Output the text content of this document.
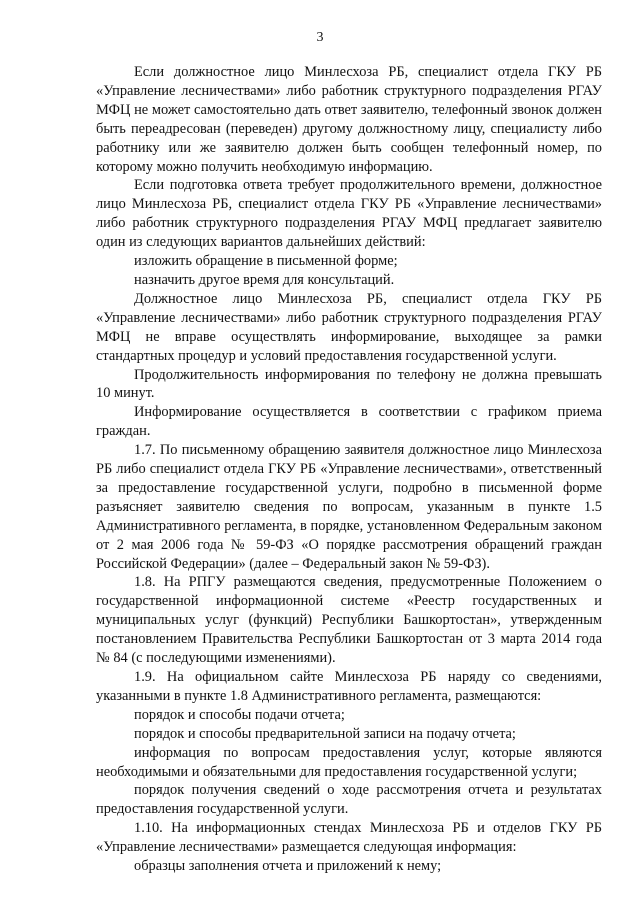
3

Если должностное лицо Минлесхоза РБ, специалист отдела ГКУ РБ «Управление лесничествами» либо работник структурного подразделения РГАУ МФЦ не может самостоятельно дать ответ заявителю, телефонный звонок должен быть переадресован (переведен) другому должностному лицу, специалисту либо работнику или же заявителю должен быть сообщен телефонный номер, по которому можно получить необходимую информацию.

Если подготовка ответа требует продолжительного времени, должностное лицо Минлесхоза РБ, специалист отдела ГКУ РБ «Управление лесничествами» либо работник структурного подразделения РГАУ МФЦ предлагает заявителю один из следующих вариантов дальнейших действий:

изложить обращение в письменной форме;

назначить другое время для консультаций.

Должностное лицо Минлесхоза РБ, специалист отдела ГКУ РБ «Управление лесничествами» либо работник структурного подразделения РГАУ МФЦ не вправе осуществлять информирование, выходящее за рамки стандартных процедур и условий предоставления государственной услуги.

Продолжительность информирования по телефону не должна превышать 10 минут.

Информирование осуществляется в соответствии с графиком приема граждан.

1.7. По письменному обращению заявителя должностное лицо Минлесхоза РБ либо специалист отдела ГКУ РБ «Управление лесничествами», ответственный за предоставление государственной услуги, подробно в письменной форме разъясняет заявителю сведения по вопросам, указанным в пункте 1.5 Административного регламента, в порядке, установленном Федеральным законом от 2 мая 2006 года № 59-ФЗ «О порядке рассмотрения обращений граждан Российской Федерации» (далее – Федеральный закон № 59-ФЗ).

1.8. На РПГУ размещаются сведения, предусмотренные Положением о государственной информационной системе «Реестр государственных и муниципальных услуг (функций) Республики Башкортостан», утвержденным постановлением Правительства Республики Башкортостан от 3 марта 2014 года № 84 (с последующими изменениями).

1.9. На официальном сайте Минлесхоза РБ наряду со сведениями, указанными в пункте 1.8 Административного регламента, размещаются:

порядок и способы подачи отчета;

порядок и способы предварительной записи на подачу отчета;

информация по вопросам предоставления услуг, которые являются необходимыми и обязательными для предоставления государственной услуги;

порядок получения сведений о ходе рассмотрения отчета и результатах предоставления государственной услуги.

1.10. На информационных стендах Минлесхоза РБ и отделов ГКУ РБ «Управление лесничествами» размещается следующая информация:

образцы заполнения отчета и приложений к нему;
